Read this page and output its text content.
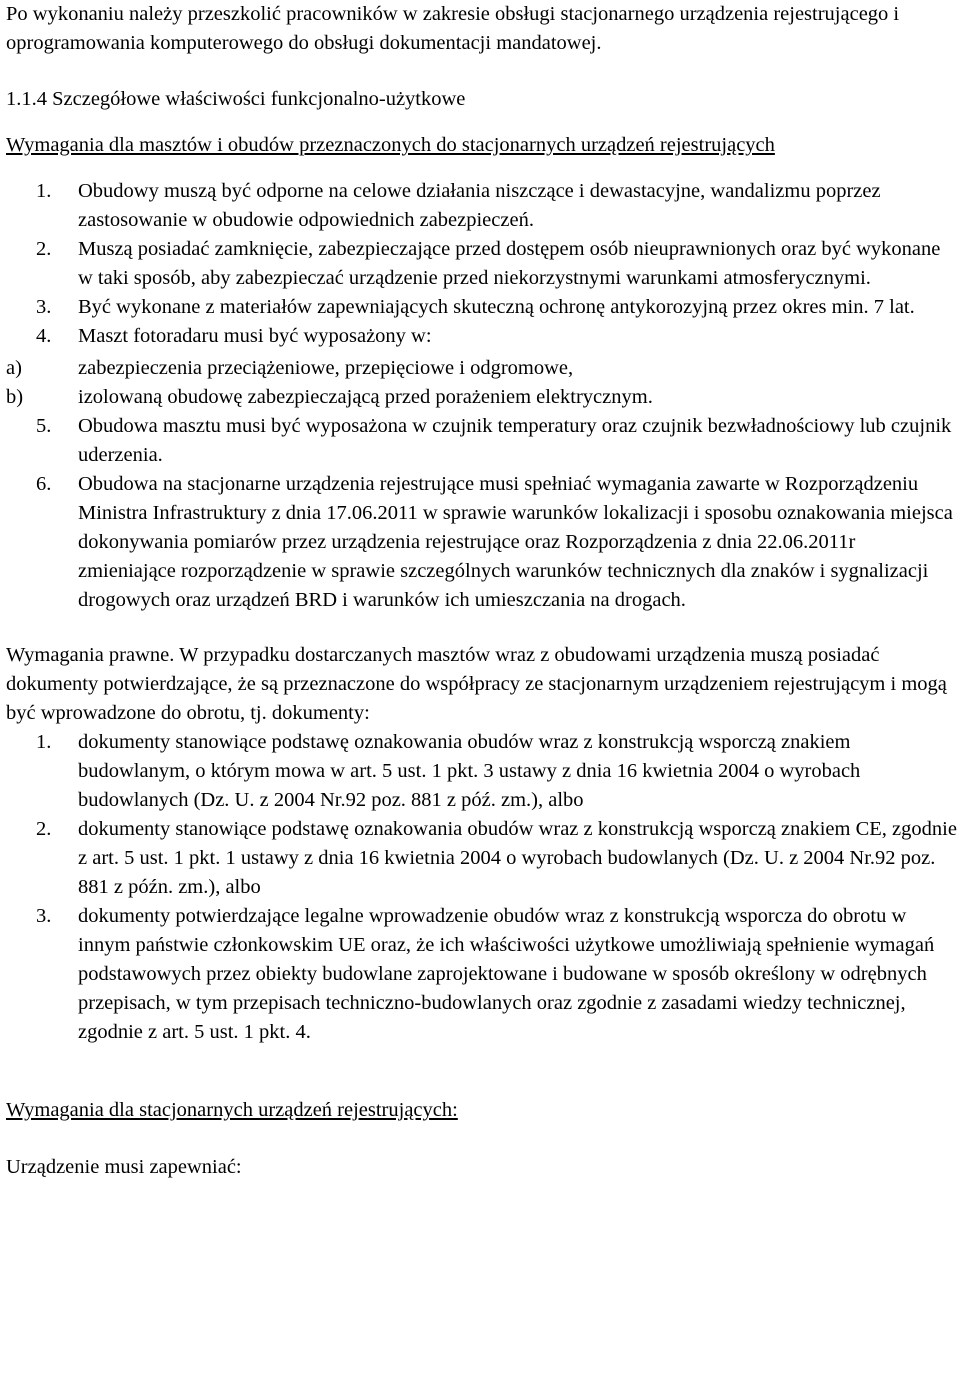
Po wykonaniu należy przeszkolić pracowników w zakresie obsługi stacjonarnego urządzenia rejestrującego i oprogramowania komputerowego do obsługi dokumentacji mandatowej.

1.1.4 Szczegółowe właściwości funkcjonalno-użytkowe

Wymagania dla masztów i obudów przeznaczonych do stacjonarnych urządzeń rejestrujących

1. Obudowy muszą być odporne na celowe działania niszczące i dewastacyjne, wandalizmu poprzez zastosowanie w obudowie odpowiednich zabezpieczeń.
2. Muszą posiadać zamknięcie, zabezpieczające przed dostępem osób nieuprawnionych oraz być wykonane w taki sposób, aby zabezpieczać urządzenie przed niekorzystnymi warunkami atmosferycznymi.
3. Być wykonane z materiałów zapewniających skuteczną ochronę antykorozyjną przez okres min. 7 lat.
4. Maszt fotoradaru musi być wyposażony w:
a)	zabezpieczenia przeciążeniowe, przepięciowe i odgromowe,
b)	izolowaną obudowę zabezpieczającą przed porażeniem elektrycznym.
5. Obudowa masztu musi być wyposażona w czujnik temperatury oraz czujnik bezwładnościowy lub czujnik uderzenia.
6. Obudowa na stacjonarne urządzenia rejestrujące musi spełniać wymagania zawarte w Rozporządzeniu Ministra Infrastruktury z dnia 17.06.2011 w sprawie warunków lokalizacji i sposobu oznakowania miejsca dokonywania pomiarów przez urządzenia rejestrujące oraz Rozporządzenia z dnia 22.06.2011r zmieniające rozporządzenie w sprawie szczególnych warunków technicznych dla znaków i sygnalizacji drogowych oraz urządzeń BRD i warunków ich umieszczania na drogach.

Wymagania prawne. W przypadku dostarczanych masztów wraz z obudowami urządzenia muszą posiadać dokumenty potwierdzające, że są przeznaczone do współpracy ze stacjonarnym urządzeniem rejestrującym i mogą być wprowadzone do obrotu, tj. dokumenty:

1. dokumenty stanowiące podstawę oznakowania obudów wraz z konstrukcją wsporczą znakiem budowlanym, o którym mowa w art. 5 ust. 1 pkt. 3 ustawy z dnia 16 kwietnia 2004 o wyrobach budowlanych (Dz. U. z 2004 Nr.92 poz. 881 z póź. zm.), albo
2. dokumenty stanowiące podstawę oznakowania obudów wraz z konstrukcją wsporczą znakiem CE, zgodnie z art. 5 ust. 1 pkt. 1 ustawy z dnia 16 kwietnia 2004 o wyrobach budowlanych (Dz. U. z 2004 Nr.92 poz. 881 z późn. zm.), albo
3. dokumenty potwierdzające legalne wprowadzenie obudów wraz z konstrukcją wsporcza do obrotu w innym państwie członkowskim UE oraz, że ich właściwości użytkowe umożliwiają spełnienie wymagań podstawowych przez obiekty budowlane zaprojektowane i budowane w sposób określony w odrębnych przepisach, w tym przepisach techniczno-budowlanych oraz zgodnie z zasadami wiedzy technicznej, zgodnie z art. 5 ust. 1 pkt. 4.

Wymagania dla stacjonarnych urządzeń rejestrujących:

Urządzenie musi zapewniać:
